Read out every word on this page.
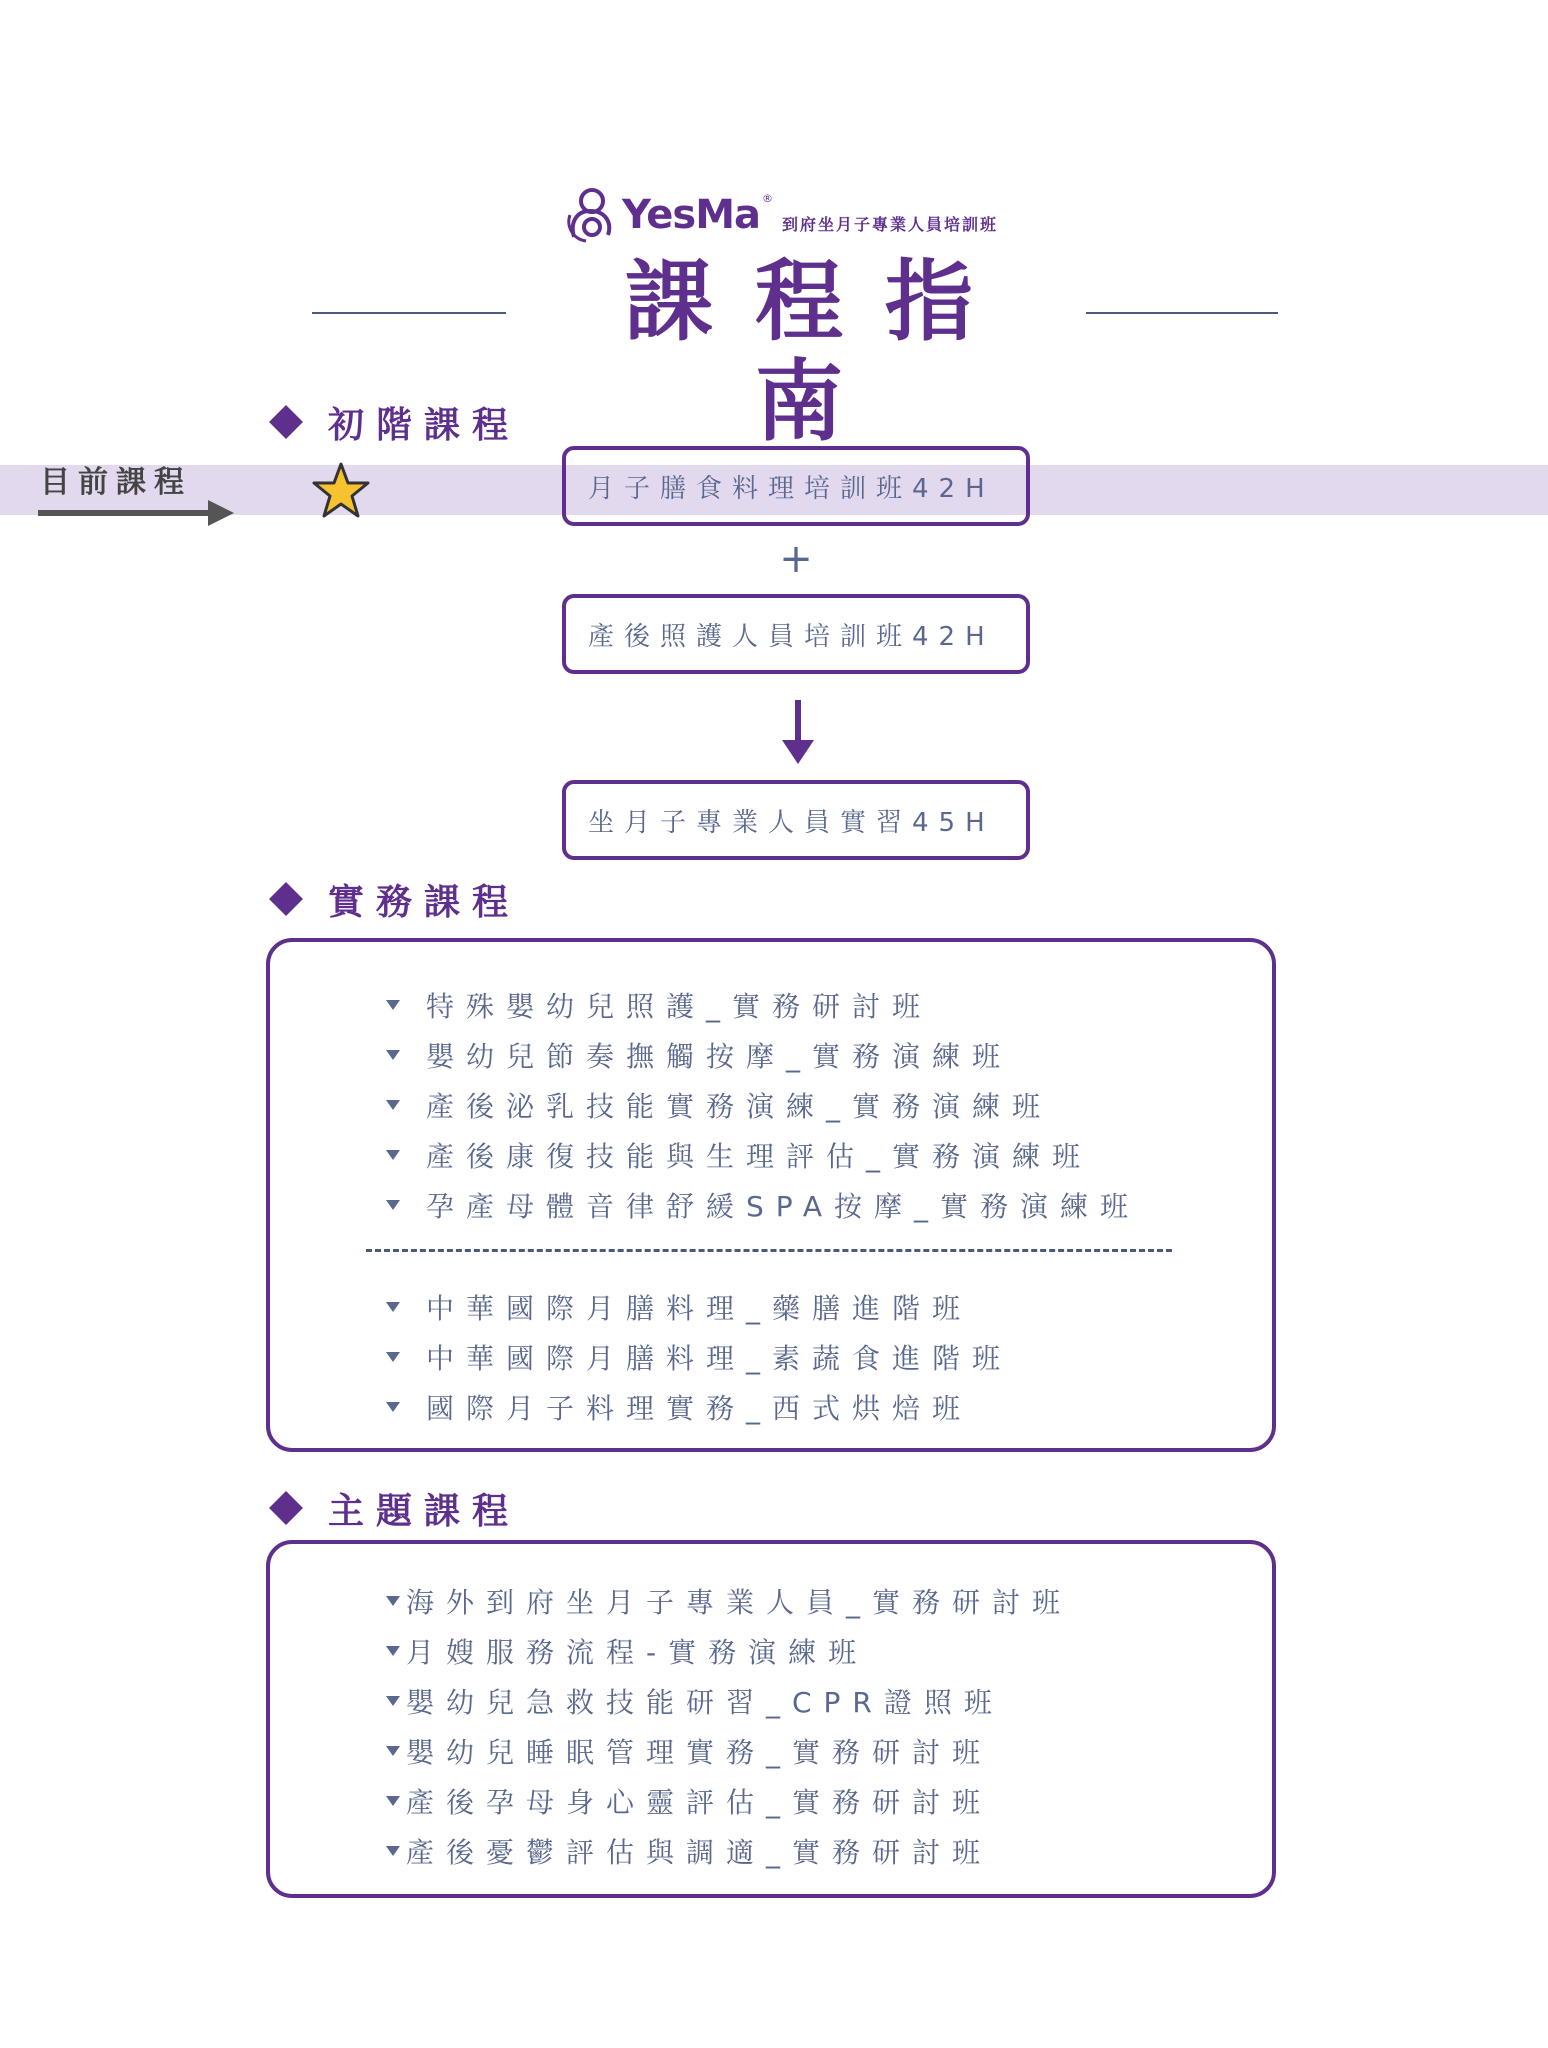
YesMa ®
到府坐月子專業人員培訓班
課程指南
初階課程
目前課程	月子膳食料理培訓班42H
+
產後照護人員培訓班42H
坐月子專業人員實習45H
實務課程
特殊嬰幼兒照護_實務研討班
嬰幼兒節奏撫觸按摩_實務演練班
產後泌乳技能實務演練_實務演練班
產後康復技能與生理評估_實務演練班
孕產母體音律舒緩SPA按摩_實務演練班
中華國際月膳料理_藥膳進階班
中華國際月膳料理_素蔬食進階班
國際月子料理實務_西式烘焙班
主題課程
海外到府坐月子專業人員_實務研討班
月嫂服務流程-實務演練班
嬰幼兒急救技能研習_CPR證照班
嬰幼兒睡眠管理實務_實務研討班
產後孕母身心靈評估_實務研討班
產後憂鬱評估與調適_實務研討班
